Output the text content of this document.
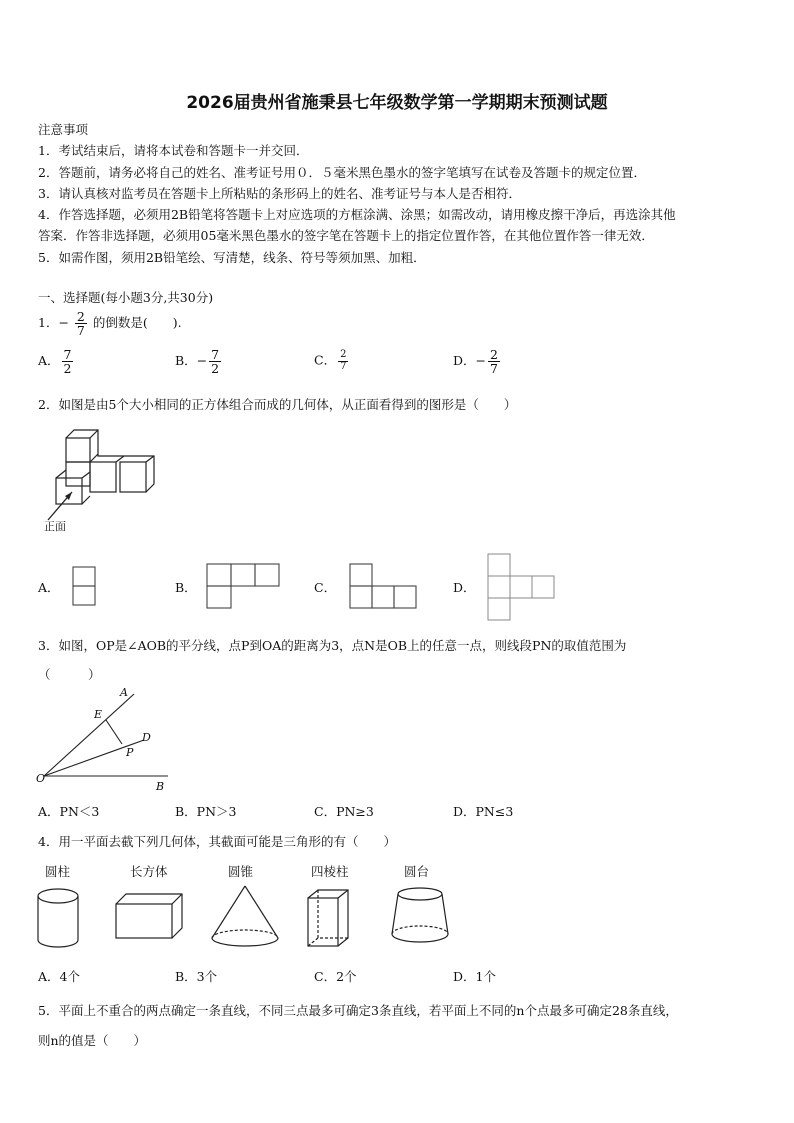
2026届贵州省施秉县七年级数学第一学期期末预测试题
注意事项
1．考试结束后，请将本试卷和答题卡一并交回．
2．答题前，请务必将自己的姓名、准考证号用０．５毫米黑色墨水的签字笔填写在试卷及答题卡的规定位置．
3．请认真核对监考员在答题卡上所粘贴的条形码上的姓名、准考证号与本人是否相符．
4．作答选择题，必须用2B铅笔将答题卡上对应选项的方框涂满、涂黑；如需改动，请用橡皮擦干净后，再选涂其他
答案．作答非选择题，必须用05毫米黑色墨水的签字笔在答题卡上的指定位置作答，在其他位置作答一律无效．
5．如需作图，须用2B铅笔绘、写清楚，线条、符号等须加黑、加粗．
一、选择题(每小题3分,共30分)
1．− $\frac{2}{7}$ 的倒数是(　　).
A． $\frac{7}{2}$	B．− $\frac{7}{2}$	C． $\frac{2}{7}$	D．− $\frac{2}{7}$
2．如图是由5个大小相同的正方体组合而成的几何体，从正面看得到的图形是（　　）
正面
A．	B．	C．	D．
3．如图，OP是∠AOB的平分线，点P到OA的距离为3，点N是OB上的任意一点，则线段PN的取值范围为
（　　　）
A
E
D
P
O
B
A．PN＜3	B．PN＞3	C．PN≥3	D．PN≤3
4．用一平面去截下列几何体，其截面可能是三角形的有（　　）
圆柱	长方体	圆锥	四棱柱	圆台
A．4个	B．3个	C．2个	D．1个
5．平面上不重合的两点确定一条直线，不同三点最多可确定3条直线，若平面上不同的n个点最多可确定28条直线，
则n的值是（　　）
